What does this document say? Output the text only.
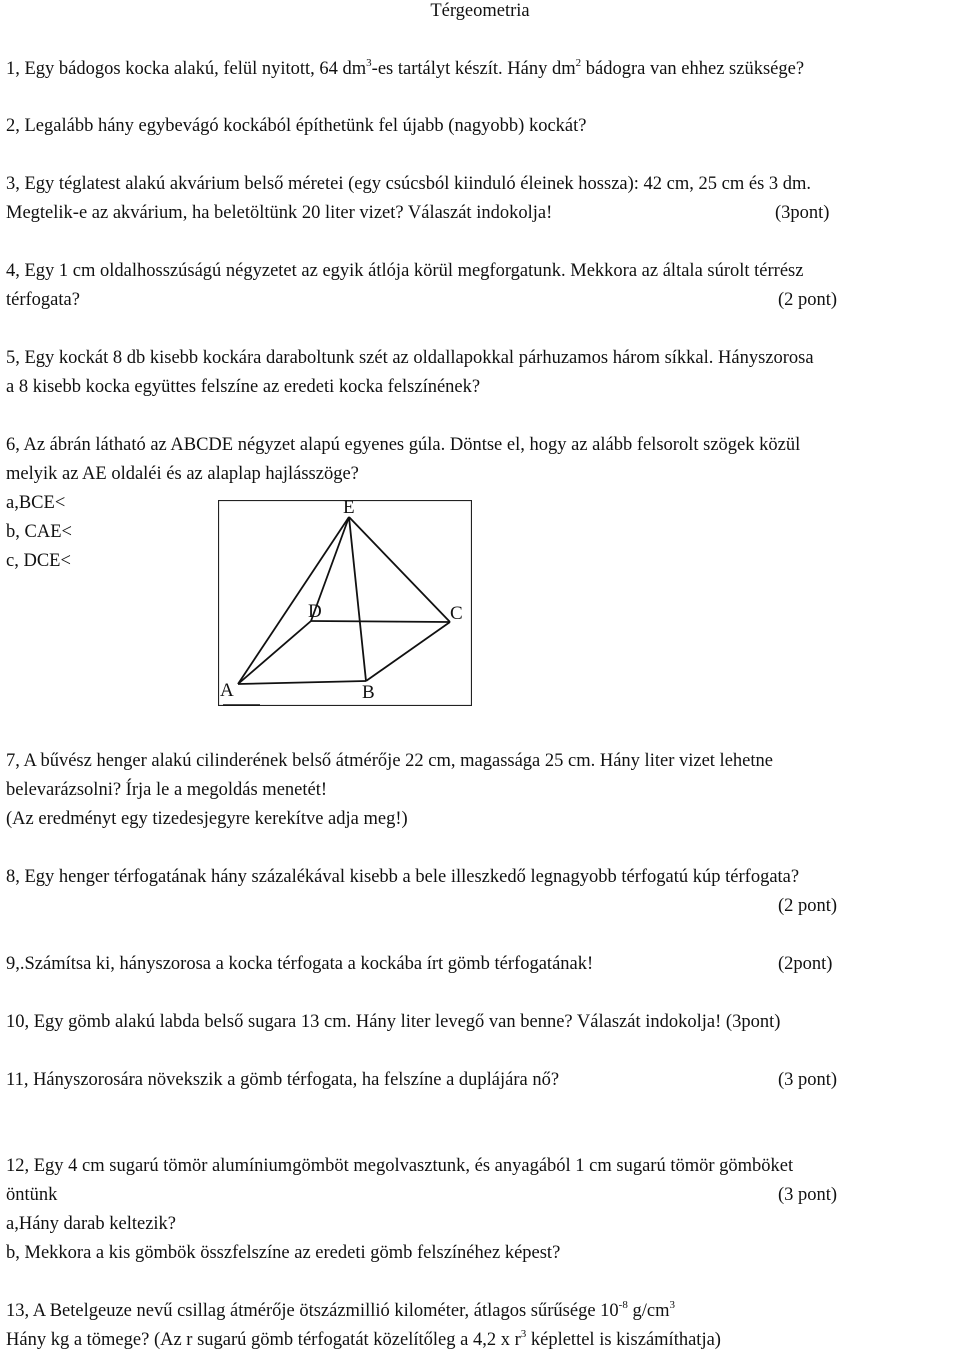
Térgeometria
1, Egy bádogos kocka alakú, felül nyitott, 64 $dm^3-es$ tartályt készít. Hány $dm^2$ bádogra van ehhez szüksége?
2, Legalább hány egybevágó kockából építhetünk fel újabb (nagyobb) kockát?
3, Egy téglatest alakú akvárium belső méretei (egy csúcsból kiinduló éleinek hossza): 42 cm, 25 cm és 3 dm.
Megtelik-e az akvárium, ha beletöltünk 20 liter vizet? Válaszát indokolja!	(3pont)
4, Egy 1 cm oldalhosszúságú négyzetet az egyik átlója körül megforgatunk. Mekkora az általa súrolt térrész
térfogata?	(2 pont)
5, Egy kockát 8 db kisebb kockára daraboltunk szét az oldallapokkal párhuzamos három síkkal. Hányszorosa
a 8 kisebb kocka együttes felszíne az eredeti kocka felszínének?
6, Az ábrán látható az ABCDE négyzet alapú egyenes gúla. Döntse el, hogy az alább felsorolt szögek közül
melyik az AE oldaléi és az alaplap hajlásszöge?
a,BCE<
b, CAE<
c, DCE<
E
D	C
A	B
7, A bűvész henger alakú cilinderének belső átmérője 22 cm, magassága 25 cm. Hány liter vizet lehetne
belevarázsolni? Írja le a megoldás menetét!
(Az eredményt egy tizedesjegyre kerekítve adja meg!)
8, Egy henger térfogatának hány százalékával kisebb a bele illeszkedő legnagyobb térfogatú kúp térfogata?
(2 pont)
9,.Számítsa ki, hányszorosa a kocka térfogata a kockába írt gömb térfogatának!	(2pont)
10, Egy gömb alakú labda belső sugara 13 cm. Hány liter levegő van benne? Válaszát indokolja! (3pont)
11, Hányszorosára növekszik a gömb térfogata, ha felszíne a duplájára nő?	(3 pont)
12, Egy 4 cm sugarú tömör alumíniumgömböt megolvasztunk, és anyagából 1 cm sugarú tömör gömböket
öntünk	(3 pont)
a,Hány darab keltezik?
b, Mekkora a kis gömbök összfelszíne az eredeti gömb felszínéhez képest?
13, A Betelgeuze nevű csillag átmérője ötszázmillió kilométer, átlagos sűrűsége $10^{-8}$ $g/cm^3$
Hány kg a tömege? (Az r sugarú gömb térfogatát közelítőleg a 4,2 x $r^3$ képlettel is kiszámíthatja)
